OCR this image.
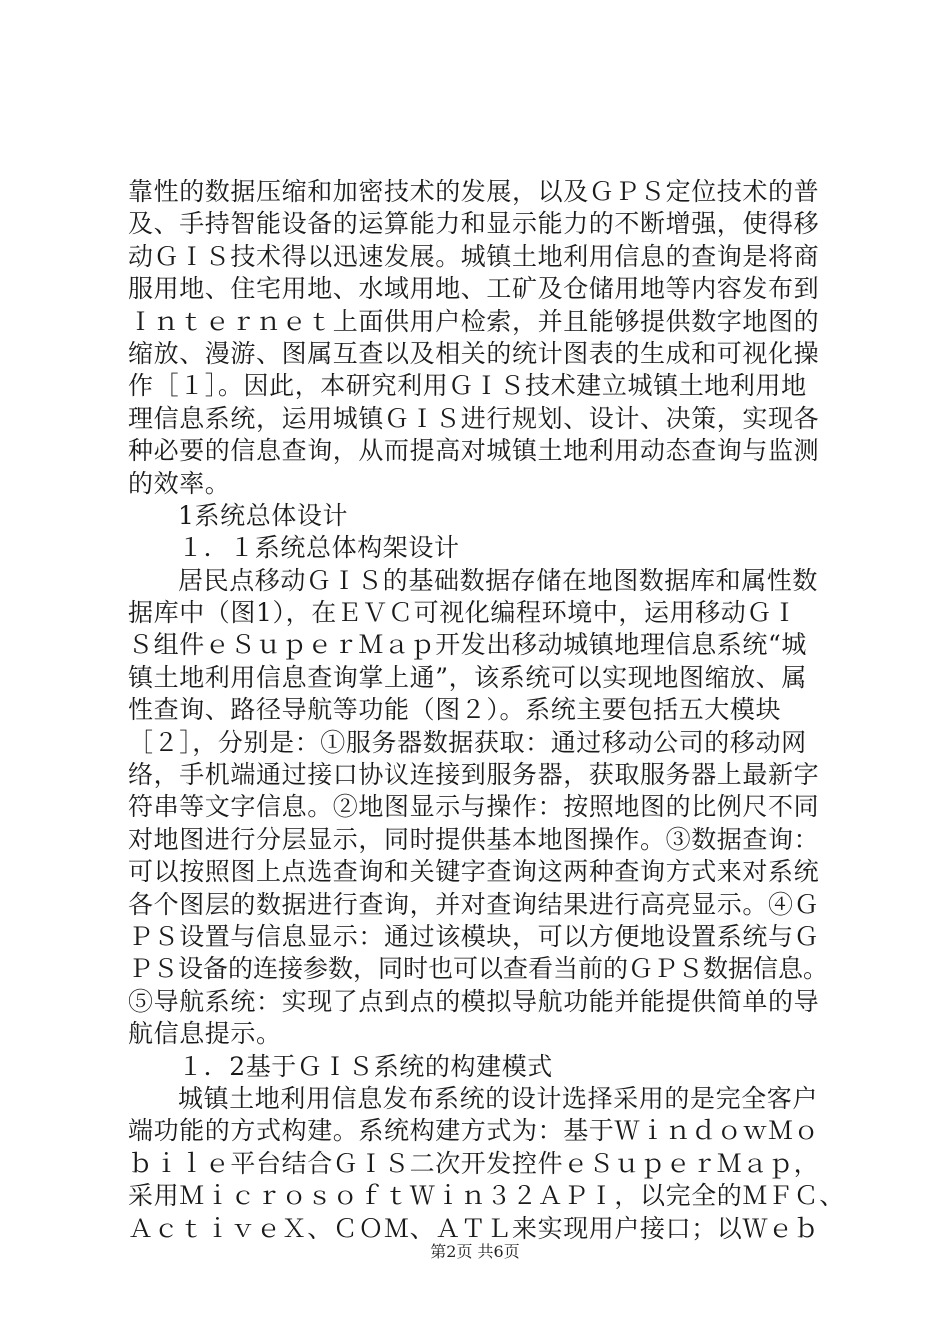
靠性的数据压缩和加密技术的发展，以及ＧＰＳ定位技术的普
及、手持智能设备的运算能力和显示能力的不断增强，使得移
动ＧＩＳ技术得以迅速发展。城镇土地利用信息的查询是将商
服用地、住宅用地、水域用地、工矿及仓储用地等内容发布到
Ｉｎｔｅｒｎｅｔ上面供用户检索，并且能够提供数字地图的
缩放、漫游、图属互查以及相关的统计图表的生成和可视化操
作［１］。因此，本研究利用ＧＩＳ技术建立城镇土地利用地
理信息系统，运用城镇ＧＩＳ进行规划、设计、决策，实现各
种必要的信息查询，从而提高对城镇土地利用动态查询与监测
的效率。
1系统总体设计
１．１系统总体构架设计
居民点移动ＧＩＳ的基础数据存储在地图数据库和属性数
据库中（图1），在ＥＶＣ可视化编程环境中，运用移动ＧＩ
Ｓ组件ｅＳｕｐｅｒＭａｐ开发出移动城镇地理信息系统“城
镇土地利用信息查询掌上通”，该系统可以实现地图缩放、属
性查询、路径导航等功能（图２）。系统主要包括五大模块
［２］，分别是：①服务器数据获取：通过移动公司的移动网
络，手机端通过接口协议连接到服务器，获取服务器上最新字
符串等文字信息。②地图显示与操作：按照地图的比例尺不同
对地图进行分层显示，同时提供基本地图操作。③数据查询：
可以按照图上点选查询和关键字查询这两种查询方式来对系统
各个图层的数据进行查询，并对查询结果进行高亮显示。④Ｇ
ＰＳ设置与信息显示：通过该模块，可以方便地设置系统与Ｇ
ＰＳ设备的连接参数，同时也可以查看当前的ＧＰＳ数据信息。
⑤导航系统：实现了点到点的模拟导航功能并能提供简单的导
航信息提示。
１．2基于ＧＩＳ系统的构建模式
城镇土地利用信息发布系统的设计选择采用的是完全客户
端功能的方式构建。系统构建方式为：基于ＷｉｎｄｏｗＭｏ
ｂｉｌｅ平台结合ＧＩＳ二次开发控件ｅＳｕｐｅｒＭａｐ，
采用ＭｉｃｒｏｓｏｆｔＷｉｎ３２ＡＰＩ，以完全的ＭＦＣ、
ＡｃｔｉｖｅＸ、ＣＯＭ、ＡＴＬ来实现用户接口；以Ｗｅｂ
第2页 共6页
